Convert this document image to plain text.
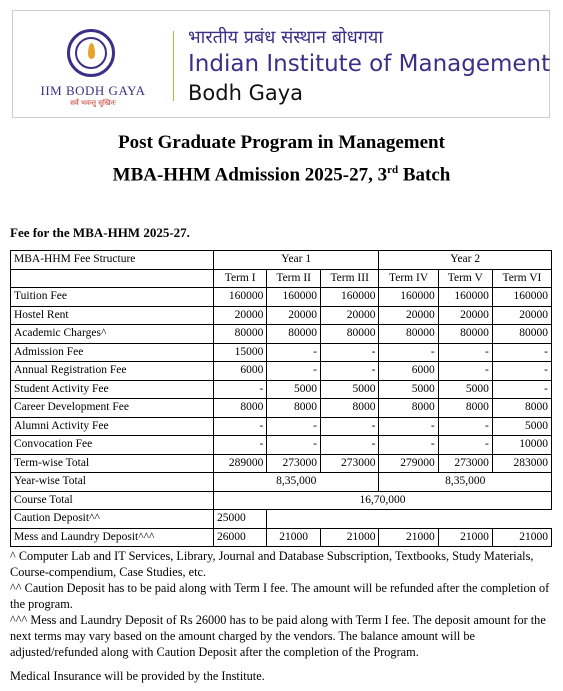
IIM BODH GAYA
सर्वे भवन्तु सुखिनः
भारतीय प्रबंध संस्थान बोधगया
Indian Institute of Management
Bodh Gaya
Post Graduate Program in Management
MBA-HHM Admission 2025-27, 3rd Batch
Fee for the MBA-HHM 2025-27.
MBA-HHM Fee Structure	Year 1			Year 2		
	Term I	Term II	Term III	Term IV	Term V	Term VI
Tuition Fee	160000	160000	160000	160000	160000	160000
Hostel Rent	20000	20000	20000	20000	20000	20000
Academic Charges^	80000	80000	80000	80000	80000	80000
Admission Fee	15000	-	-	-	-	-
Annual Registration Fee	6000	-	-	6000	-	-
Student Activity Fee	-	5000	5000	5000	5000	-
Career Development Fee	8000	8000	8000	8000	8000	8000
Alumni Activity Fee	-	-	-	-	-	5000
Convocation Fee	-	-	-	-	-	10000
Term-wise Total	289000	273000	273000	279000	273000	283000
Year-wise Total	8,35,000			8,35,000		
Course Total	16,70,000					
Caution Deposit^^	25000					
Mess and Laundry Deposit^^^	26000	21000	21000	21000	21000	21000

^ Computer Lab and IT Services, Library, Journal and Database Subscription, Textbooks, Study Materials, Course-compendium, Case Studies, etc.

^^ Caution Deposit has to be paid along with Term I fee. The amount will be refunded after the completion of the program.

^^^ Mess and Laundry Deposit of Rs 26000 has to be paid along with Term I fee. The deposit amount for the next terms may vary based on the amount charged by the vendors. The balance amount will be adjusted/refunded along with Caution Deposit after the completion of the Program.

Medical Insurance will be provided by the Institute.
